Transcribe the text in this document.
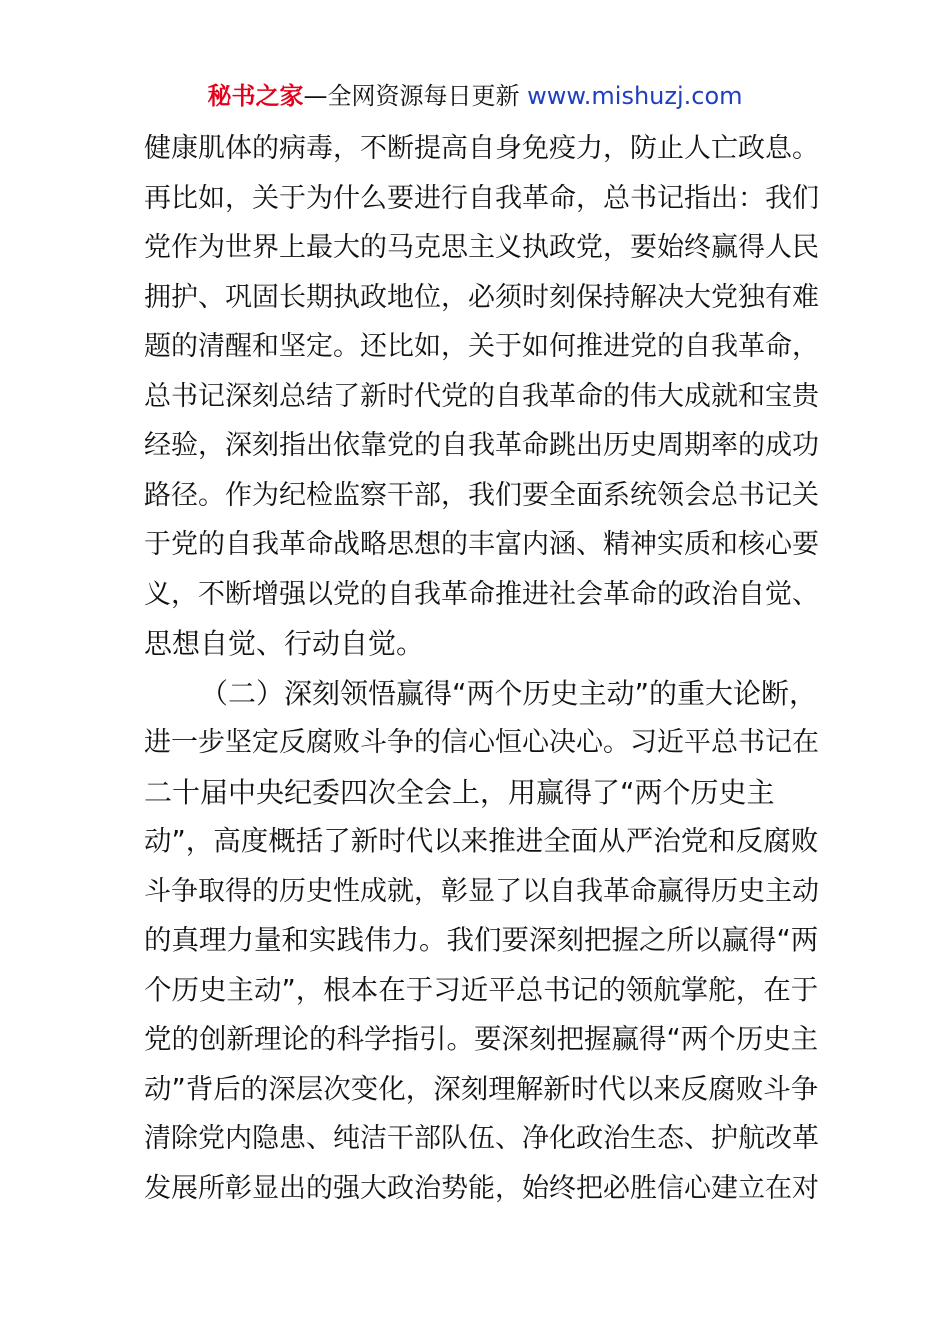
秘书之家—全网资源每日更新 www.mishuzj.com
健康肌体的病毒，不断提高自身免疫力，防止人亡政息。
再比如，关于为什么要进行自我革命，总书记指出：我们
党作为世界上最大的马克思主义执政党，要始终赢得人民
拥护、巩固长期执政地位，必须时刻保持解决大党独有难
题的清醒和坚定。还比如，关于如何推进党的自我革命，
总书记深刻总结了新时代党的自我革命的伟大成就和宝贵
经验，深刻指出依靠党的自我革命跳出历史周期率的成功
路径。作为纪检监察干部，我们要全面系统领会总书记关
于党的自我革命战略思想的丰富内涵、精神实质和核心要
义，不断增强以党的自我革命推进社会革命的政治自觉、
思想自觉、行动自觉。
（二）深刻领悟赢得“两个历史主动”的重大论断，
进一步坚定反腐败斗争的信心恒心决心。习近平总书记在
二十届中央纪委四次全会上，用赢得了“两个历史主
动”，高度概括了新时代以来推进全面从严治党和反腐败
斗争取得的历史性成就，彰显了以自我革命赢得历史主动
的真理力量和实践伟力。我们要深刻把握之所以赢得“两
个历史主动”，根本在于习近平总书记的领航掌舵，在于
党的创新理论的科学指引。要深刻把握赢得“两个历史主
动”背后的深层次变化，深刻理解新时代以来反腐败斗争
清除党内隐患、纯洁干部队伍、净化政治生态、护航改革
发展所彰显出的强大政治势能，始终把必胜信心建立在对
